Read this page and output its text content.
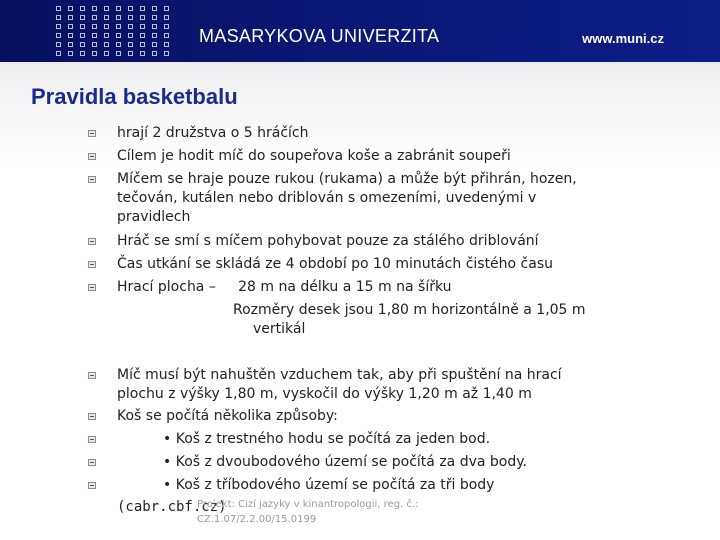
MASARYKOVA UNIVERZITA	www.muni.cz
Pravidla basketbalu
hrají 2 družstva o 5 hráčích
Cílem je hodit míč do soupeřova koše a zabránit soupeři
Míčem se hraje pouze rukou (rukama) a může být přihrán, hozen,
tečován, kutálen nebo driblován s omezeními, uvedenými v
pravidlech
Hráč se smí s míčem pohybovat pouze za stálého driblování
Čas utkání se skládá ze 4 období po 10 minutách čistého času
Hrací plocha –     28 m na délku a 15 m na šířku
Rozměry desek jsou 1,80 m horizontálně a 1,05 m
vertikál
Míč musí být nahuštěn vzduchem tak, aby při spuštění na hrací
plochu z výšky 1,80 m, vyskočil do výšky 1,20 m až 1,40 m
Koš se počítá několika způsoby:
• Koš z trestného hodu se počítá za jeden bod.
• Koš z dvoubodového území se počítá za dva body.
• Koš z tříbodového území se počítá za tři body
(cabr.cbf.cz)
Projekt: Cizí jazyky v kinantropologii, reg. č.:
CZ.1.07/2.2.00/15.0199
